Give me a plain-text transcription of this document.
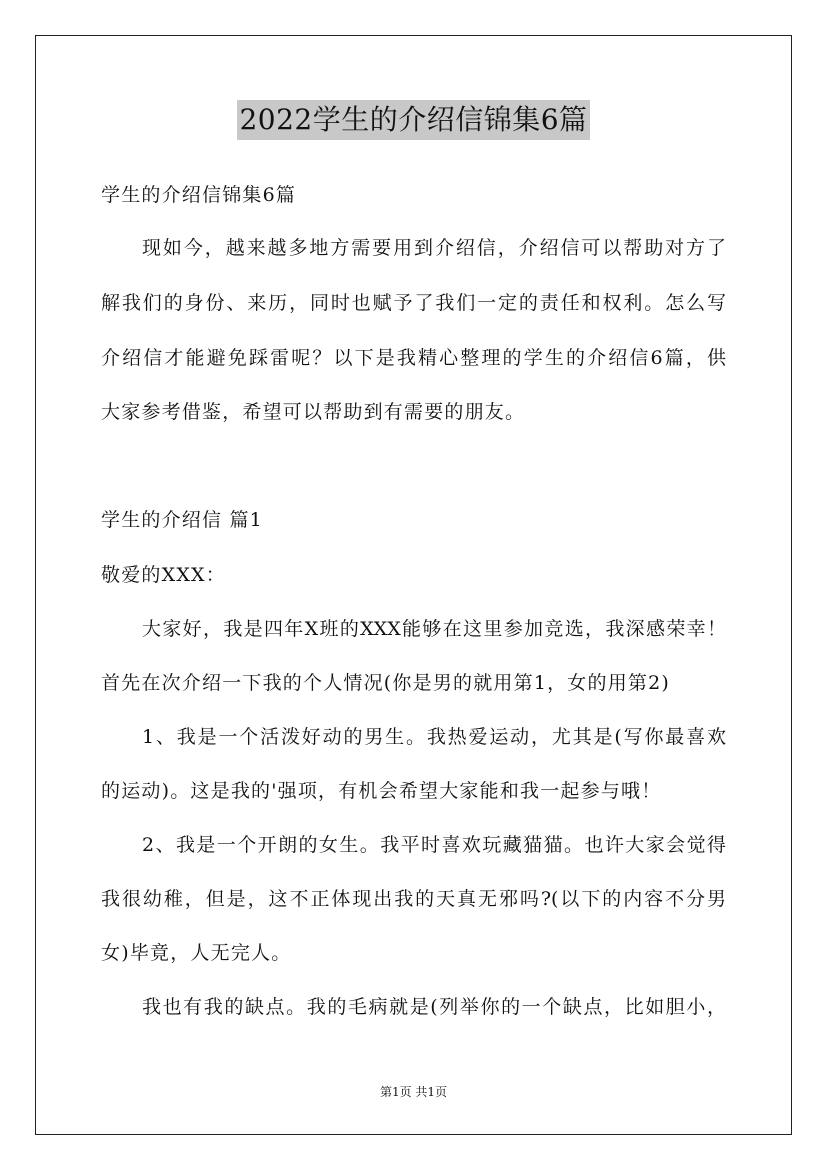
2022学生的介绍信锦集6篇
学生的介绍信锦集6篇
现如今，越来越多地方需要用到介绍信，介绍信可以帮助对方了
解我们的身份、来历，同时也赋予了我们一定的责任和权利。怎么写
介绍信才能避免踩雷呢？以下是我精心整理的学生的介绍信6篇，供
大家参考借鉴，希望可以帮助到有需要的朋友。
学生的介绍信 篇1
敬爱的XXX：
大家好，我是四年X班的XXX能够在这里参加竞选，我深感荣幸！
首先在次介绍一下我的个人情况(你是男的就用第1，女的用第2)
1、我是一个活泼好动的男生。我热爱运动，尤其是(写你最喜欢
的运动)。这是我的'强项，有机会希望大家能和我一起参与哦！
2、我是一个开朗的女生。我平时喜欢玩藏猫猫。也许大家会觉得
我很幼稚，但是，这不正体现出我的天真无邪吗?(以下的内容不分男
女)毕竟，人无完人。
我也有我的缺点。我的毛病就是(列举你的一个缺点，比如胆小，
第1页 共1页
